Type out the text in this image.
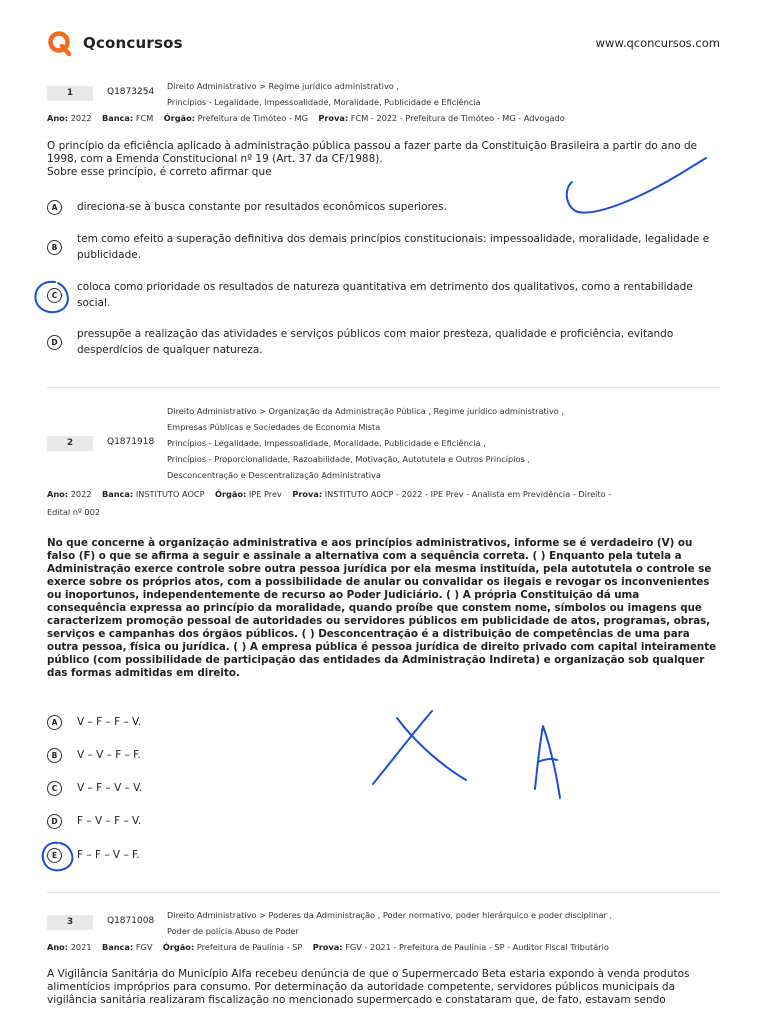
Qconcursos	www.qconcursos.com
1	Q1873254
Direito Administrativo > Regime jurídico administrativo ,
Princípios - Legalidade, Impessoalidade, Moralidade, Publicidade e Eficiência
Ano: 2022 Banca: FCM Órgão: Prefeitura de Timóteo - MG Prova: FCM - 2022 - Prefeitura de Timóteo - MG - Advogado
O princípio da eficiência aplicado à administração pública passou a fazer parte da Constituição Brasileira a partir do ano de
1998, com a Emenda Constitucional nº 19 (Art. 37 da CF/1988).
Sobre esse princípio, é correto afirmar que
A	direciona-se à busca constante por resultados econômicos superiores.
B
tem como efeito a superação definitiva dos demais princípios constitucionais: impessoalidade, moralidade, legalidade e publicidade.
C
coloca como prioridade os resultados de natureza quantitativa em detrimento dos qualitativos, como a rentabilidade social.
D
pressupõe a realização das atividades e serviços públicos com maior presteza, qualidade e proficiência, evitando desperdícios de qualquer natureza.
2	Q1871918
Direito Administrativo > Organização da Administração Pública , Regime jurídico administrativo ,
Empresas Públicas e Sociedades de Economia Mista
Princípios - Legalidade, Impessoalidade, Moralidade, Publicidade e Eficiência ,
Princípios - Proporcionalidade, Razoabilidade, Motivação, Autotutela e Outros Princípios ,
Desconcentração e Descentralização Administrativa
Ano: 2022 Banca: INSTITUTO AOCP Órgão: IPE Prev Prova: INSTITUTO AOCP - 2022 - IPE Prev - Analista em Previdência - Direito -
Edital nº 002
No que concerne à organização administrativa e aos princípios administrativos, informe se é verdadeiro (V) ou falso (F) o que se afirma a seguir e assinale a alternativa com a sequência correta. ( ) Enquanto pela tutela a Administração exerce controle sobre outra pessoa jurídica por ela mesma instituída, pela autotutela o controle se exerce sobre os próprios atos, com a possibilidade de anular ou convalidar os ilegais e revogar os inconvenientes ou inoportunos, independentemente de recurso ao Poder Judiciário. ( ) A própria Constituição dá uma consequência expressa ao princípio da moralidade, quando proíbe que constem nome, símbolos ou imagens que caracterizem promoção pessoal de autoridades ou servidores públicos em publicidade de atos, programas, obras, serviços e campanhas dos órgãos públicos. ( ) Desconcentração é a distribuição de competências de uma para outra pessoa, física ou jurídica. ( ) A empresa pública é pessoa jurídica de direito privado com capital inteiramente público (com possibilidade de participação das entidades da Administração Indireta) e organização sob qualquer das formas admitidas em direito.
A	V – F – F – V.
B	V – V – F – F.
C	V – F – V – V.
D	F – V – F – V.
E	F – F – V – F.
3	Q1871008
Direito Administrativo > Poderes da Administração , Poder normativo, poder hierárquico e poder disciplinar ,
Poder de polícia Abuso de Poder
Ano: 2021 Banca: FGV Órgão: Prefeitura de Paulínia - SP Prova: FGV - 2021 - Prefeitura de Paulínia - SP - Auditor Fiscal Tributário
A Vigilância Sanitária do Município Alfa recebeu denúncia de que o Supermercado Beta estaria expondo à venda produtos alimentícios impróprios para consumo. Por determinação da autoridade competente, servidores públicos municipais da vigilância sanitária realizaram fiscalização no mencionado supermercado e constataram que, de fato, estavam sendo
